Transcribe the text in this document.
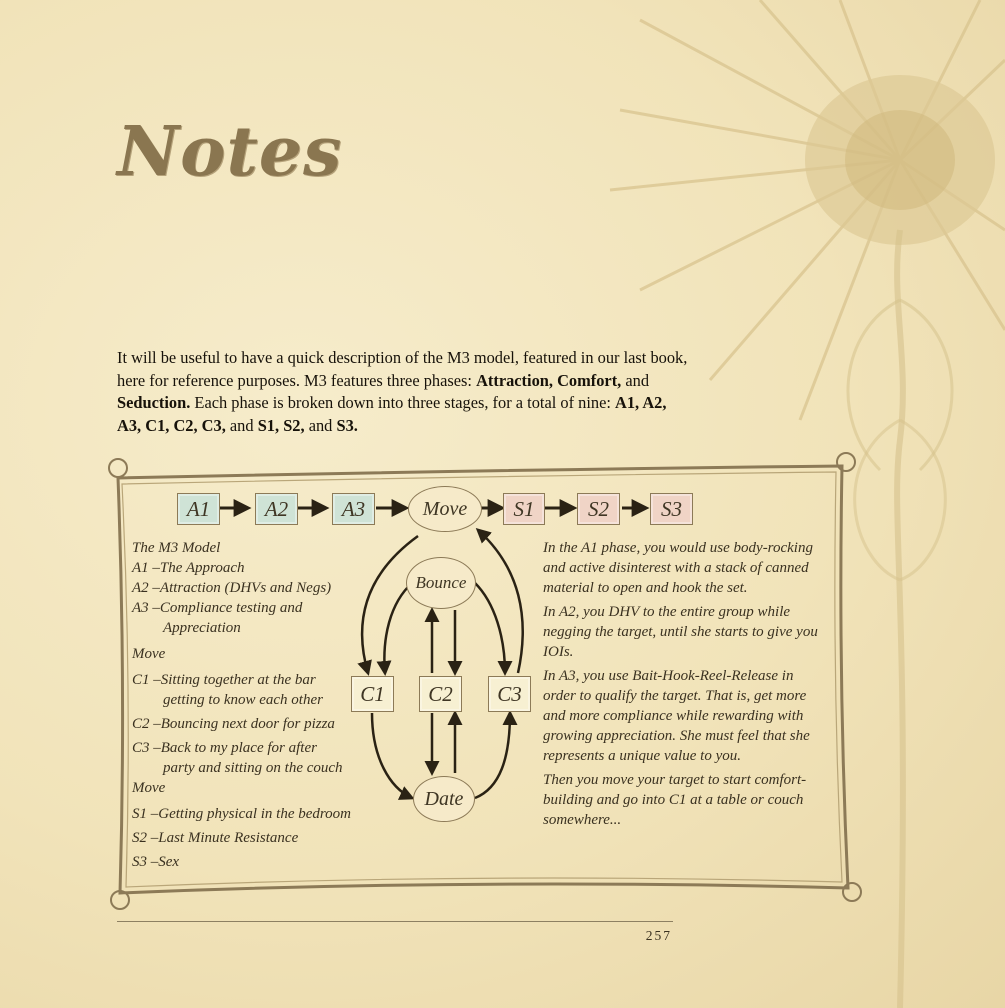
Notes
It will be useful to have a quick description of the M3 model, featured in our last book, here for reference purposes. M3 features three phases: Attraction, Comfort, and Seduction. Each phase is broken down into three stages, for a total of nine: A1, A2, A3, C1, C2, C3, and S1, S2, and S3.
A1	A2	A3	Move	S1	S2	S3
Bounce
C1	C2	C3
Date
The M3 Model
A1 –The Approach
A2 –Attraction (DHVs and Negs)
A3 –Compliance testing and
Appreciation
Move
C1 –Sitting together at the bar
getting to know each other
C2 –Bouncing next door for pizza
C3 –Back to my place for after
party and sitting on the couch
Move
S1 –Getting physical in the bedroom
S2 –Last Minute Resistance
S3 –Sex

In the A1 phase, you would use body-rocking and active disinterest with a stack of canned material to open and hook the set.

In A2, you DHV to the entire group while negging the target, until she starts to give you IOIs.

In A3, you use Bait-Hook-Reel-Release in order to qualify the target. That is, get more and more compliance while rewarding with growing appreciation. She must feel that she represents a unique value to you.

Then you move your target to start comfort-building and go into C1 at a table or couch somewhere...

257
